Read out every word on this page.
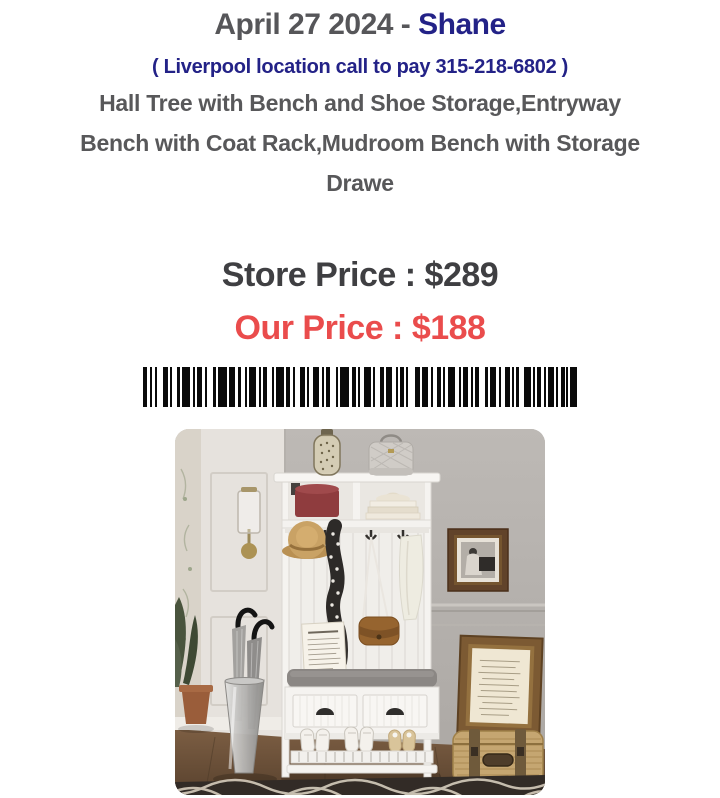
April 27 2024 - Shane
( Liverpool location call to pay 315-218-6802 )
Hall Tree with Bench and Shoe Storage,Entryway
Bench with Coat Rack,Mudroom Bench with Storage
Drawe
Store Price : $289
Our Price : $188
